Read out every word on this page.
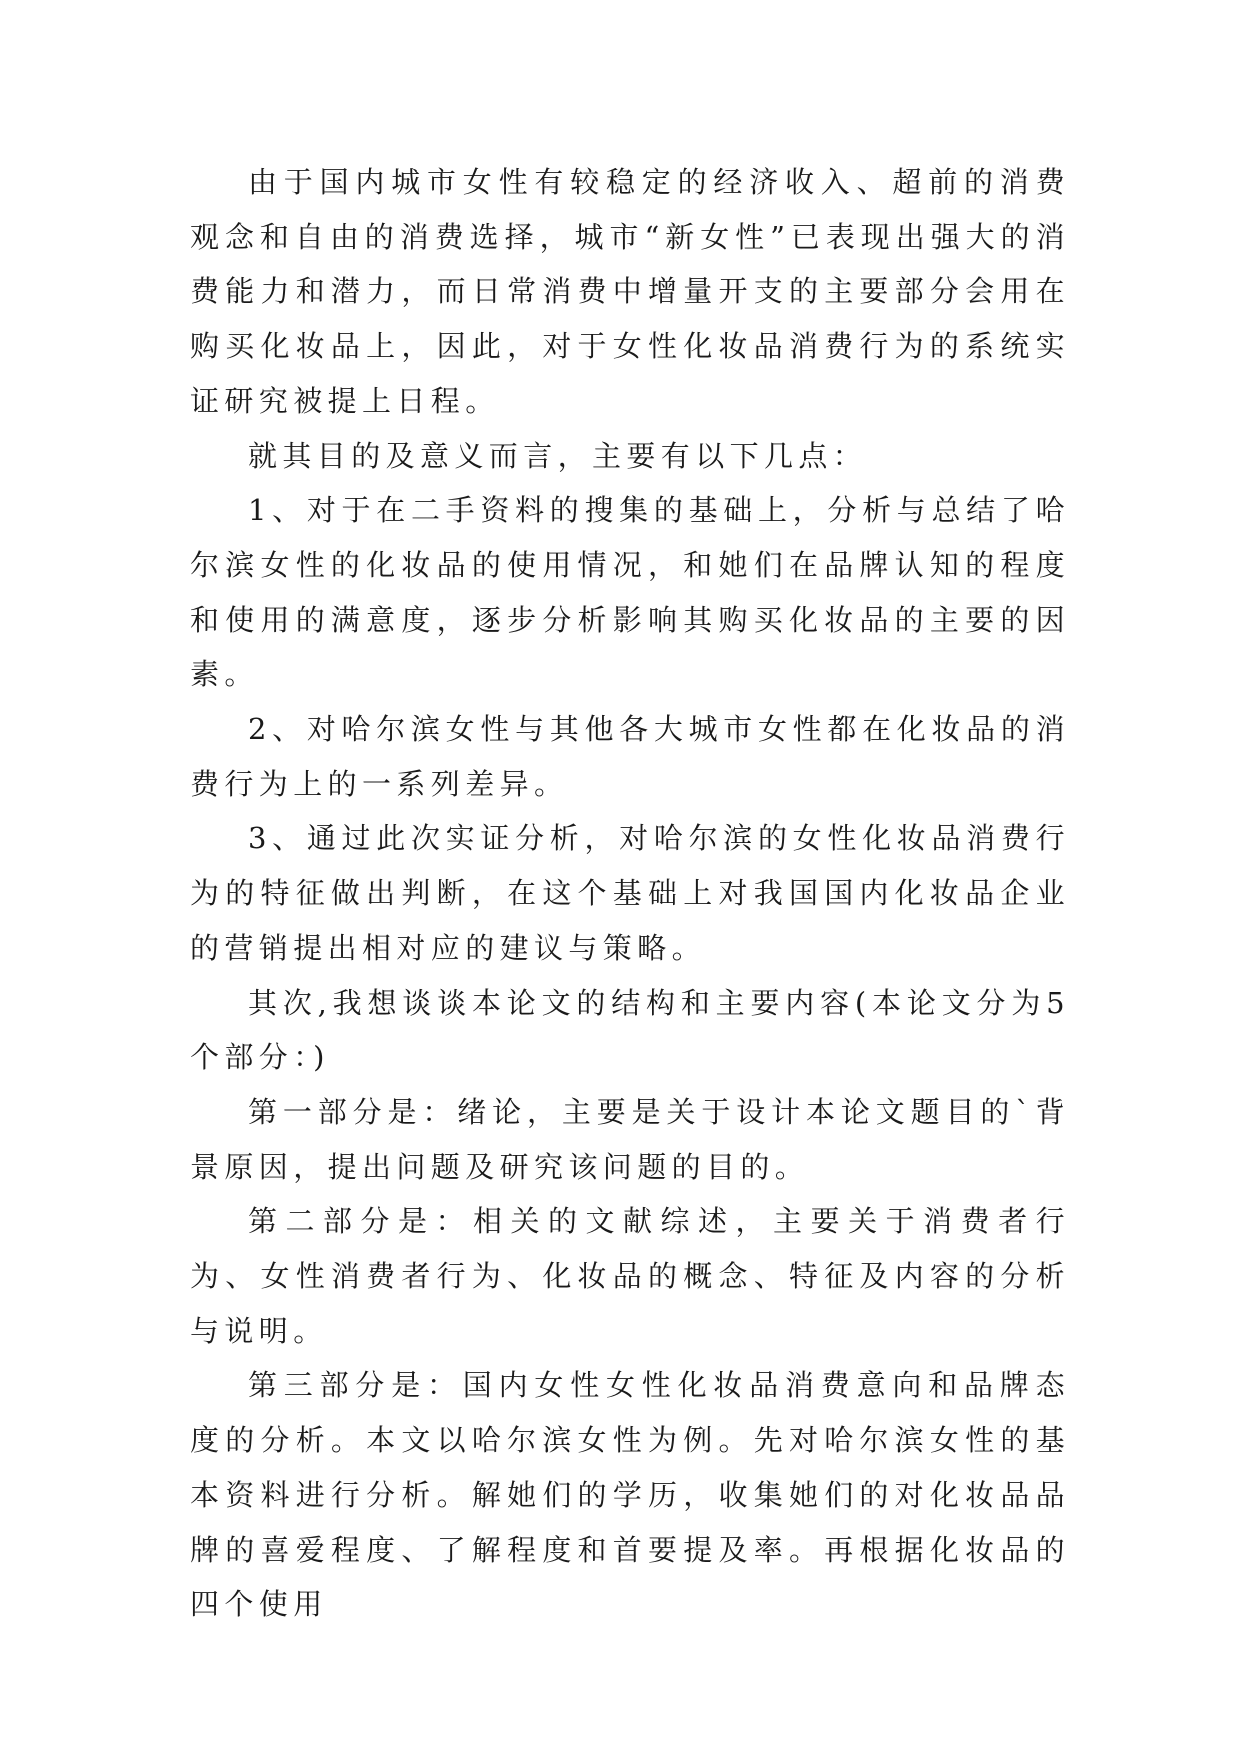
由于国内城市女性有较稳定的经济收入、超前的消费观念和自由的消费选择，城市“新女性”已表现出强大的消费能力和潜力，而日常消费中增量开支的主要部分会用在购买化妆品上，因此，对于女性化妆品消费行为的系统实证研究被提上日程。

就其目的及意义而言，主要有以下几点：

1、对于在二手资料的搜集的基础上，分析与总结了哈尔滨女性的化妆品的使用情况，和她们在品牌认知的程度和使用的满意度，逐步分析影响其购买化妆品的主要的因素。

2、对哈尔滨女性与其他各大城市女性都在化妆品的消费行为上的一系列差异。

3、通过此次实证分析，对哈尔滨的女性化妆品消费行为的特征做出判断，在这个基础上对我国国内化妆品企业的营销提出相对应的建议与策略。

其次,我想谈谈本论文的结构和主要内容(本论文分为5个部分：)

第一部分是：绪论，主要是关于设计本论文题目的`背景原因，提出问题及研究该问题的目的。

第二部分是：相关的文献综述，主要关于消费者行为、女性消费者行为、化妆品的概念、特征及内容的分析与说明。

第三部分是：国内女性女性化妆品消费意向和品牌态度的分析。本文以哈尔滨女性为例。先对哈尔滨女性的基本资料进行分析。解她们的学历，收集她们的对化妆品品牌的喜爱程度、了解程度和首要提及率。再根据化妆品的四个使用
